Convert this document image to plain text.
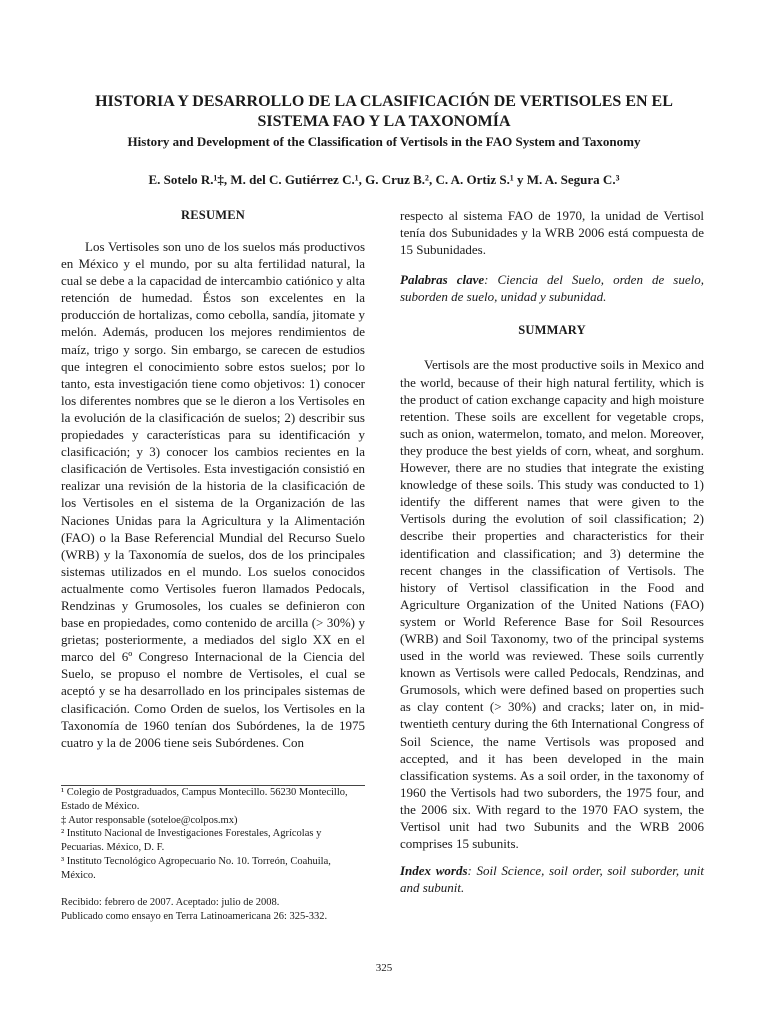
HISTORIA Y DESARROLLO DE LA CLASIFICACIÓN DE VERTISOLES EN EL
SISTEMA FAO Y LA TAXONOMÍA
History and Development of the Classification of Vertisols in the FAO System and Taxonomy
E. Sotelo R.¹‡, M. del C. Gutiérrez C.¹, G. Cruz B.², C. A. Ortiz S.¹ y M. A. Segura C.³
RESUMEN

Los Vertisoles son uno de los suelos más productivos en México y el mundo, por su alta fertilidad natural, la cual se debe a la capacidad de intercambio catiónico y alta retención de humedad. Éstos son excelentes en la producción de hortalizas, como cebolla, sandía, jitomate y melón. Además, producen los mejores rendimientos de maíz, trigo y sorgo. Sin embargo, se carecen de estudios que integren el conocimiento sobre estos suelos; por lo tanto, esta investigación tiene como objetivos: 1) conocer los diferentes nombres que se le dieron a los Vertisoles en la evolución de la clasificación de suelos; 2) describir sus propiedades y características para su identificación y clasificación; y 3) conocer los cambios recientes en la clasificación de Vertisoles. Esta investigación consistió en realizar una revisión de la historia de la clasificación de los Vertisoles en el sistema de la Organización de las Naciones Unidas para la Agricultura y la Alimentación (FAO) o la Base Referencial Mundial del Recurso Suelo (WRB) y la Taxonomía de suelos, dos de los principales sistemas utilizados en el mundo. Los suelos conocidos actualmente como Vertisoles fueron llamados Pedocals, Rendzinas y Grumosoles, los cuales se definieron con base en propiedades, como contenido de arcilla (> 30%) y grietas; posteriormente, a mediados del siglo XX en el marco del 6º Congreso Internacional de la Ciencia del Suelo, se propuso el nombre de Vertisoles, el cual se aceptó y se ha desarrollado en los principales sistemas de clasificación. Como Orden de suelos, los Vertisoles en la Taxonomía de 1960 tenían dos Subórdenes, la de 1975 cuatro y la de 2006 tiene seis Subórdenes. Con

respecto al sistema FAO de 1970, la unidad de Vertisol tenía dos Subunidades y la WRB 2006 está compuesta de 15 Subunidades.

Palabras clave: Ciencia del Suelo, orden de suelo, suborden de suelo, unidad y subunidad.

SUMMARY

Vertisols are the most productive soils in Mexico and the world, because of their high natural fertility, which is the product of cation exchange capacity and high moisture retention. These soils are excellent for vegetable crops, such as onion, watermelon, tomato, and melon. Moreover, they produce the best yields of corn, wheat, and sorghum. However, there are no studies that integrate the existing knowledge of these soils. This study was conducted to 1) identify the different names that were given to the Vertisols during the evolution of soil classification; 2) describe their properties and characteristics for their identification and classification; and 3) determine the recent changes in the classification of Vertisols. The history of Vertisol classification in the Food and Agriculture Organization of the United Nations (FAO) system or World Reference Base for Soil Resources (WRB) and Soil Taxonomy, two of the principal systems used in the world was reviewed. These soils currently known as Vertisols were called Pedocals, Rendzinas, and Grumosols, which were defined based on properties such as clay content (> 30%) and cracks; later on, in mid-twentieth century during the 6th International Congress of Soil Science, the name Vertisols was proposed and accepted, and it has been developed in the main classification systems. As a soil order, in the taxonomy of 1960 the Vertisols had two suborders, the 1975 four, and the 2006 six. With regard to the 1970 FAO system, the Vertisol unit had two Subunits and the WRB 2006 comprises 15 subunits.

Index words: Soil Science, soil order, soil suborder, unit and subunit.

¹ Colegio de Postgraduados, Campus Montecillo. 56230 Montecillo, Estado de México.

‡ Autor responsable (soteloe@colpos.mx)

² Instituto Nacional de Investigaciones Forestales, Agrícolas y Pecuarias. México, D. F.

³ Instituto Tecnológico Agropecuario No. 10. Torreón, Coahuila, México.

Recibido: febrero de 2007. Aceptado: julio de 2008.

Publicado como ensayo en Terra Latinoamericana 26: 325-332.

325
